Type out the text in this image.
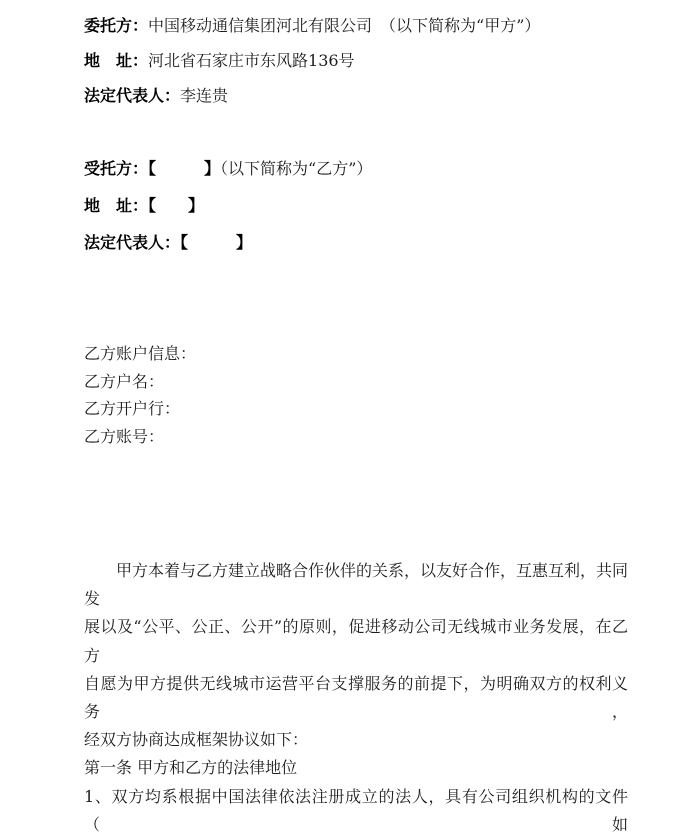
委托方：中国移动通信集团河北有限公司　（以下简称为“甲方”）

地　址：河北省石家庄市东风路136号

法定代表人：李连贵

受托方：【　　　】（以下简称为“乙方”）

地　址：【　　】

法定代表人：【　　　】

乙方账户信息：

乙方户名：

乙方开户行：

乙方账号：

甲方本着与乙方建立战略合作伙伴的关系，以友好合作，互惠互利，共同发

展以及“公平、公正、公开”的原则，促进移动公司无线城市业务发展，在乙方

自愿为甲方提供无线城市运营平台支撑服务的前提下，为明确双方的权利义务，

经双方协商达成框架协议如下：

第一条 甲方和乙方的法律地位

1、双方均系根据中国法律依法注册成立的法人，具有公司组织机构的文件（如
